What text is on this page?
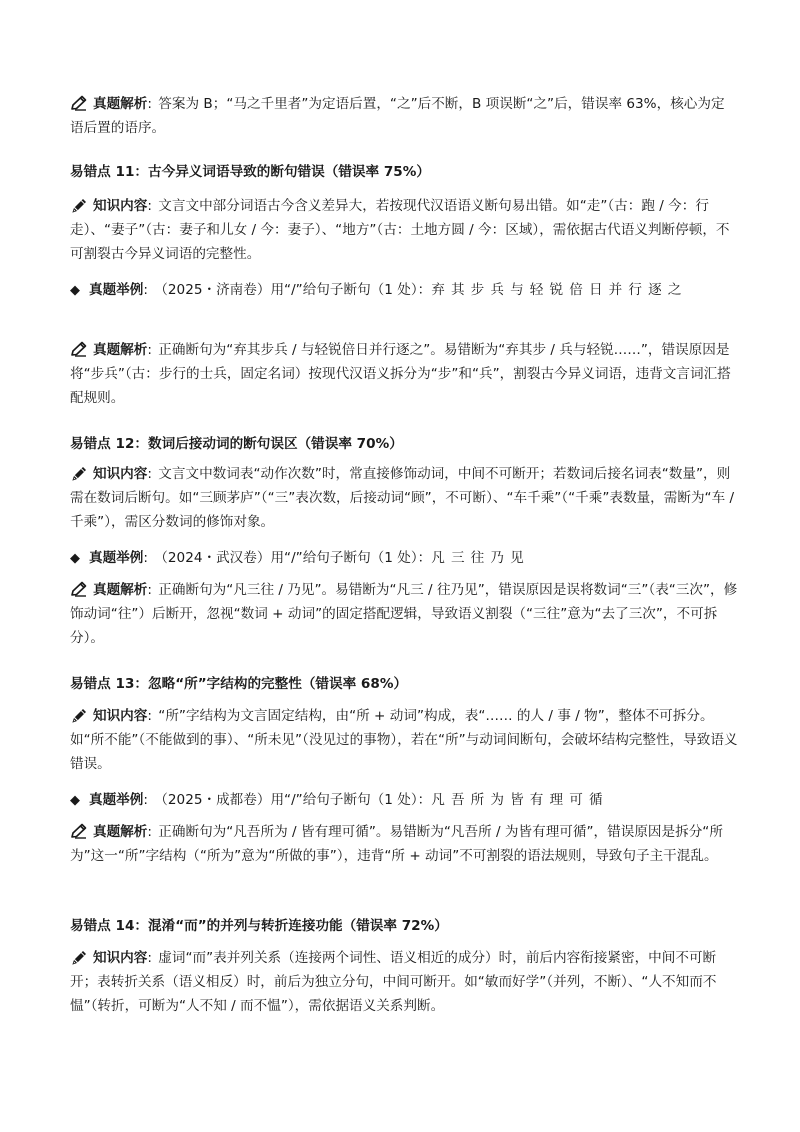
真题解析: 答案为 B；“马之千里者”为定语后置，“之”后不断，B 项误断“之”后，错误率 63%，核心为定语后置的语序。
易错点 11：古今异义词语导致的断句错误（错误率 75%）
知识内容: 文言文中部分词语古今含义差异大，若按现代汉语语义断句易出错。如“走”（古：跑 / 今：行走）、“妻子”（古：妻子和儿女 / 今：妻子）、“地方”（古：土地方圆 / 今：区域），需依据古代语义判断停顿，不可割裂古今异义词语的完整性。
◆ 真题举例: （2025・济南卷）用“/”给句子断句（1 处）：弃其步兵与轻锐倍日并行逐之
真题解析: 正确断句为“弃其步兵 / 与轻锐倍日并行逐之”。易错断为“弃其步 / 兵与轻锐……”，错误原因是将“步兵”（古：步行的士兵，固定名词）按现代汉语义拆分为“步”和“兵”，割裂古今异义词语，违背文言词汇搭配规则。
易错点 12：数词后接动词的断句误区（错误率 70%）
知识内容: 文言文中数词表“动作次数”时，常直接修饰动词，中间不可断开；若数词后接名词表“数量”，则需在数词后断句。如“三顾茅庐”（“三”表次数，后接动词“顾”，不可断）、“车千乘”（“千乘”表数量，需断为“车 / 千乘”），需区分数词的修饰对象。
◆ 真题举例: （2024・武汉卷）用“/”给句子断句（1 处）：凡三往乃见
真题解析: 正确断句为“凡三往 / 乃见”。易错断为“凡三 / 往乃见”，错误原因是误将数词“三”（表“三次”，修饰动词“往”）后断开，忽视“数词 + 动词”的固定搭配逻辑，导致语义割裂（“三往”意为“去了三次”，不可拆分）。
易错点 13：忽略“所”字结构的完整性（错误率 68%）
知识内容: “所”字结构为文言固定结构，由“所 + 动词”构成，表“…… 的人 / 事 / 物”，整体不可拆分。如“所不能”（不能做到的事）、“所未见”（没见过的事物），若在“所”与动词间断句，会破坏结构完整性，导致语义错误。
◆ 真题举例: （2025・成都卷）用“/”给句子断句（1 处）：凡吾所为皆有理可循
真题解析: 正确断句为“凡吾所为 / 皆有理可循”。易错断为“凡吾所 / 为皆有理可循”，错误原因是拆分“所为”这一“所”字结构（“所为”意为“所做的事”），违背“所 + 动词”不可割裂的语法规则，导致句子主干混乱。
易错点 14：混淆“而”的并列与转折连接功能（错误率 72%）
知识内容: 虚词“而”表并列关系（连接两个词性、语义相近的成分）时，前后内容衔接紧密，中间不可断开；表转折关系（语义相反）时，前后为独立分句，中间可断开。如“敏而好学”（并列，不断）、“人不知而不愠”（转折，可断为“人不知 / 而不愠”），需依据语义关系判断。
